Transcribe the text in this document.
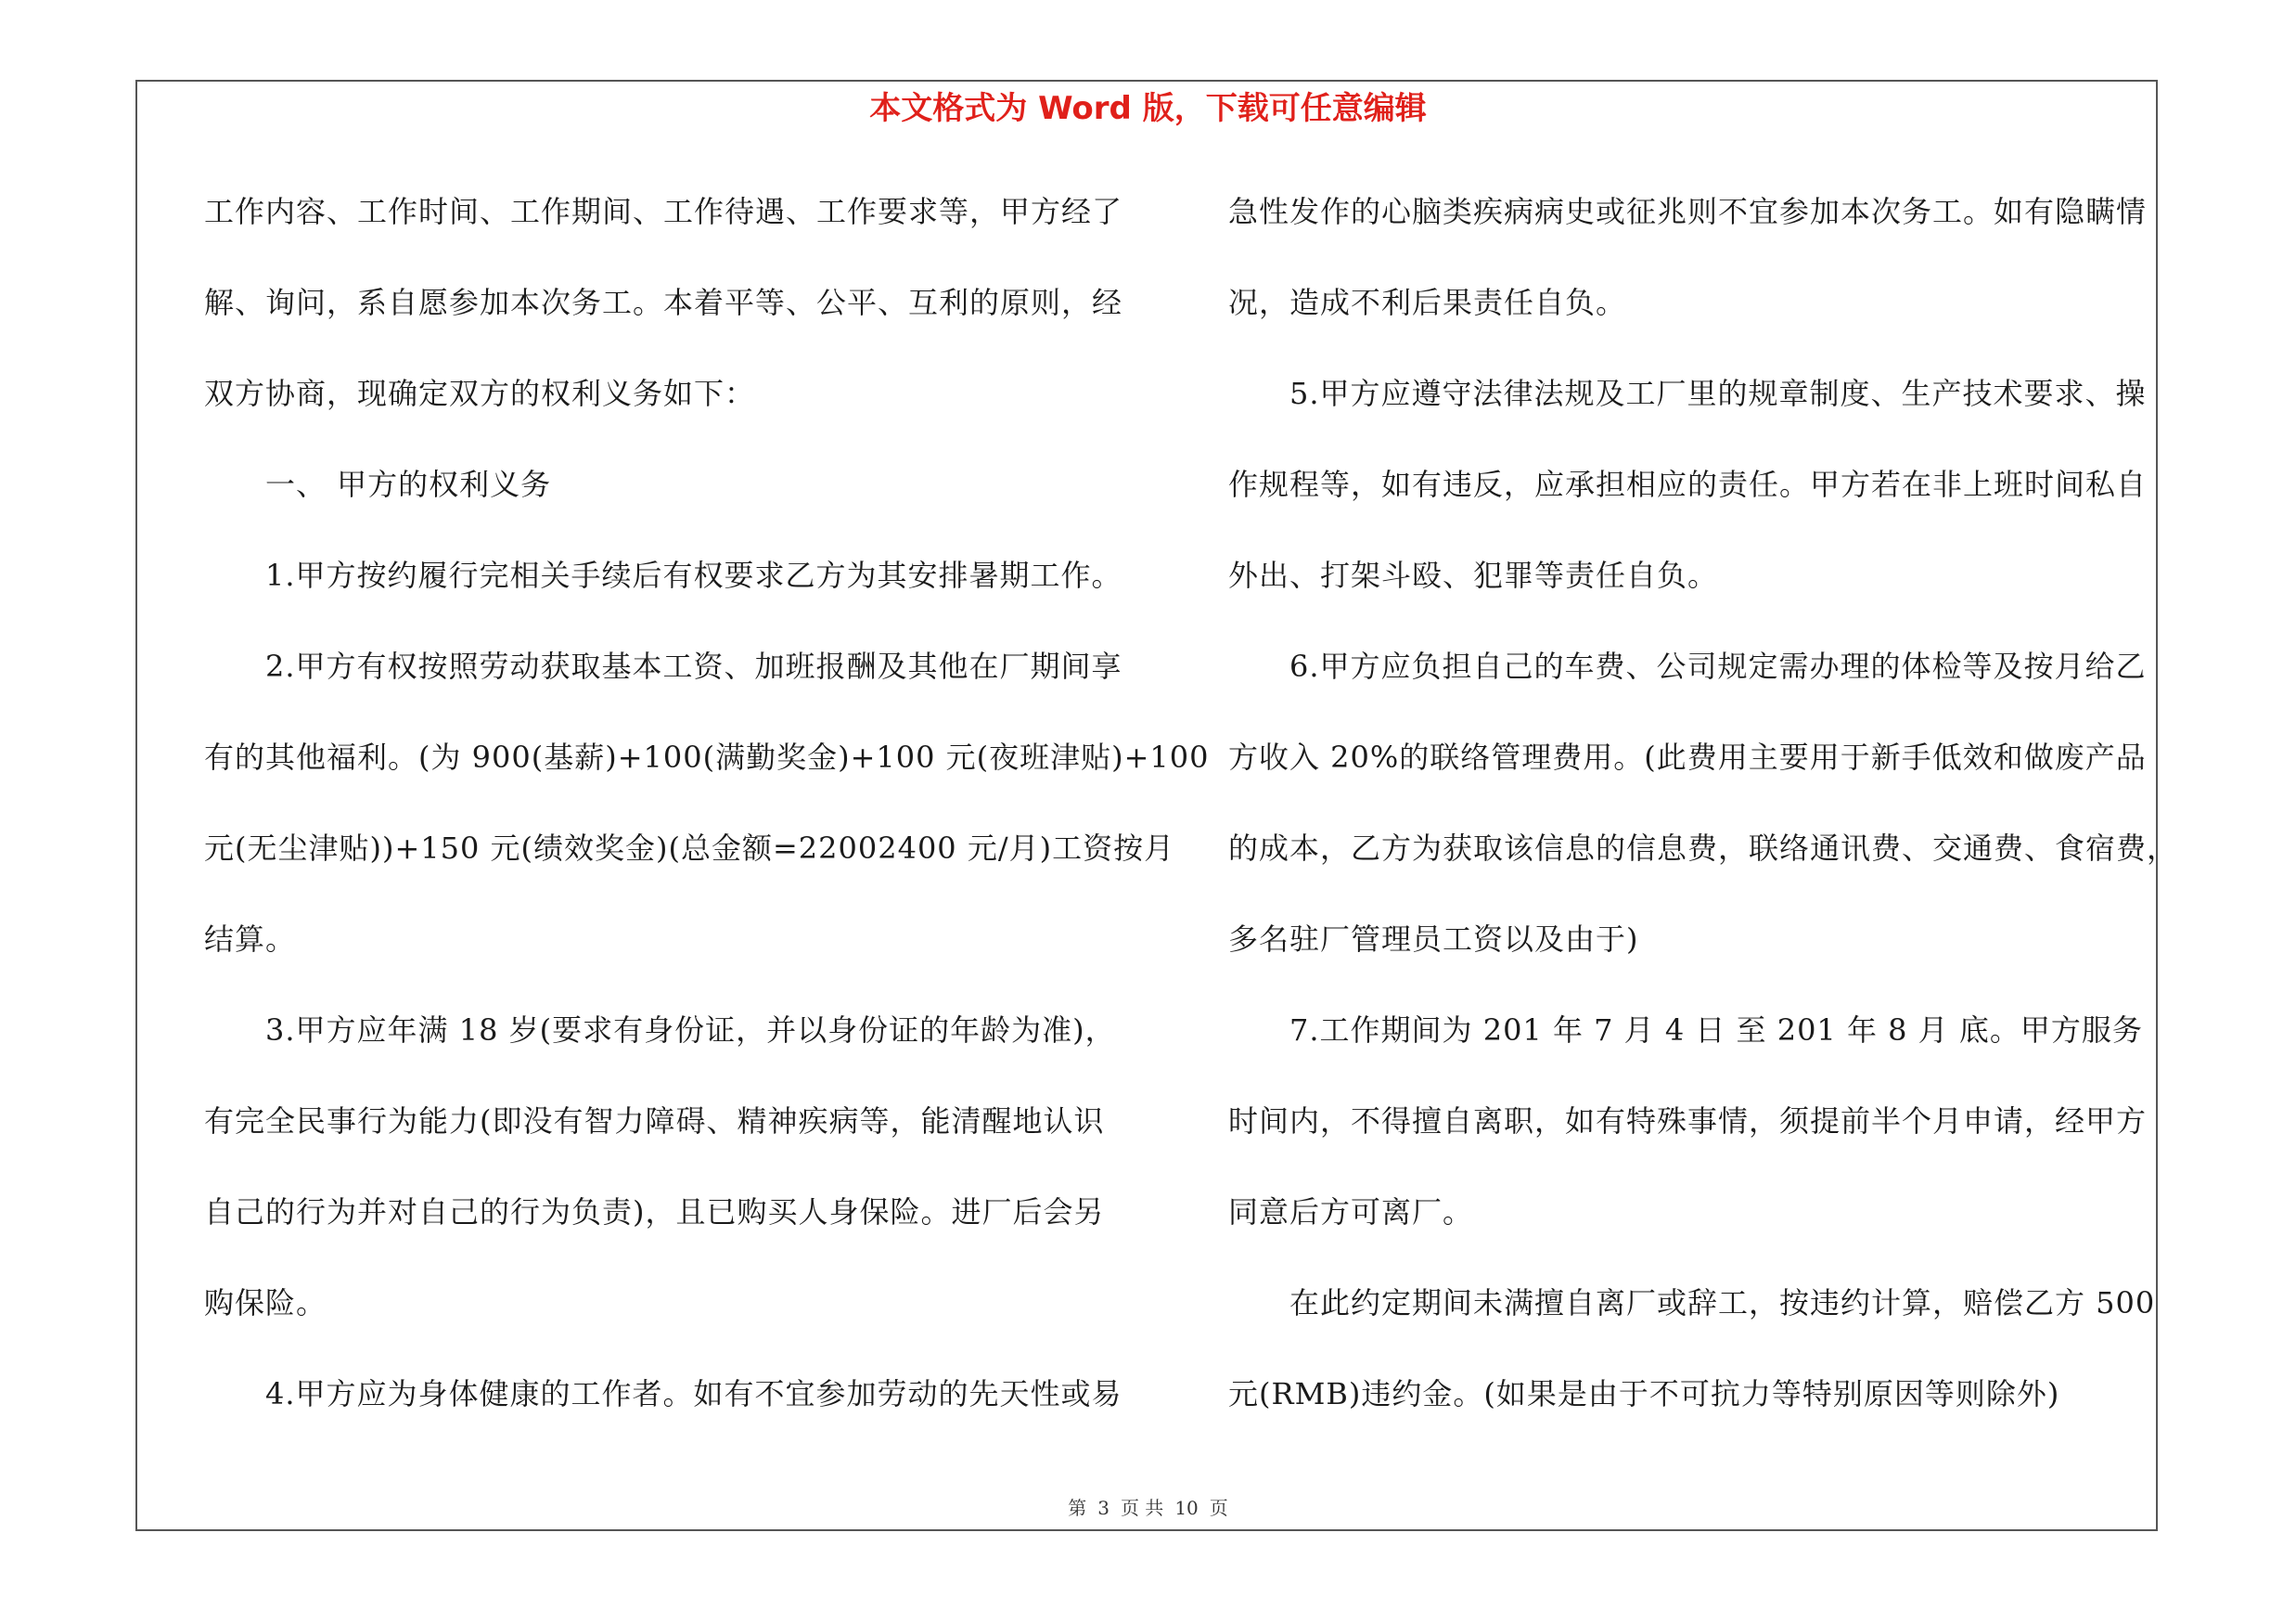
本文格式为 Word 版，下载可任意编辑
工作内容、工作时间、工作期间、工作待遇、工作要求等，甲方经了
解、询问，系自愿参加本次务工。本着平等、公平、互利的原则，经
双方协商，现确定双方的权利义务如下：
一、 甲方的权利义务
1.甲方按约履行完相关手续后有权要求乙方为其安排暑期工作。
2.甲方有权按照劳动获取基本工资、加班报酬及其他在厂期间享
有的其他福利。(为 900(基薪)+100(满勤奖金)+100 元(夜班津贴)+100
元(无尘津贴))+150 元(绩效奖金)(总金额=22002400 元/月)工资按月
结算。
3.甲方应年满 18 岁(要求有身份证，并以身份证的年龄为准)，
有完全民事行为能力(即没有智力障碍、精神疾病等，能清醒地认识
自己的行为并对自己的行为负责)，且已购买人身保险。进厂后会另
购保险。
4.甲方应为身体健康的工作者。如有不宜参加劳动的先天性或易
急性发作的心脑类疾病病史或征兆则不宜参加本次务工。如有隐瞒情
况，造成不利后果责任自负。
5.甲方应遵守法律法规及工厂里的规章制度、生产技术要求、操
作规程等，如有违反，应承担相应的责任。甲方若在非上班时间私自
外出、打架斗殴、犯罪等责任自负。
6.甲方应负担自己的车费、公司规定需办理的体检等及按月给乙
方收入 20%的联络管理费用。(此费用主要用于新手低效和做废产品
的成本，乙方为获取该信息的信息费，联络通讯费、交通费、食宿费，
多名驻厂管理员工资以及由于)
7.工作期间为 201 年 7 月 4 日 至 201 年 8 月 底。甲方服务
时间内，不得擅自离职，如有特殊事情，须提前半个月申请，经甲方
同意后方可离厂。
在此约定期间未满擅自离厂或辞工，按违约计算，赔偿乙方 500
元(RMB)违约金。(如果是由于不可抗力等特别原因等则除外)
第 3 页 共 10 页
